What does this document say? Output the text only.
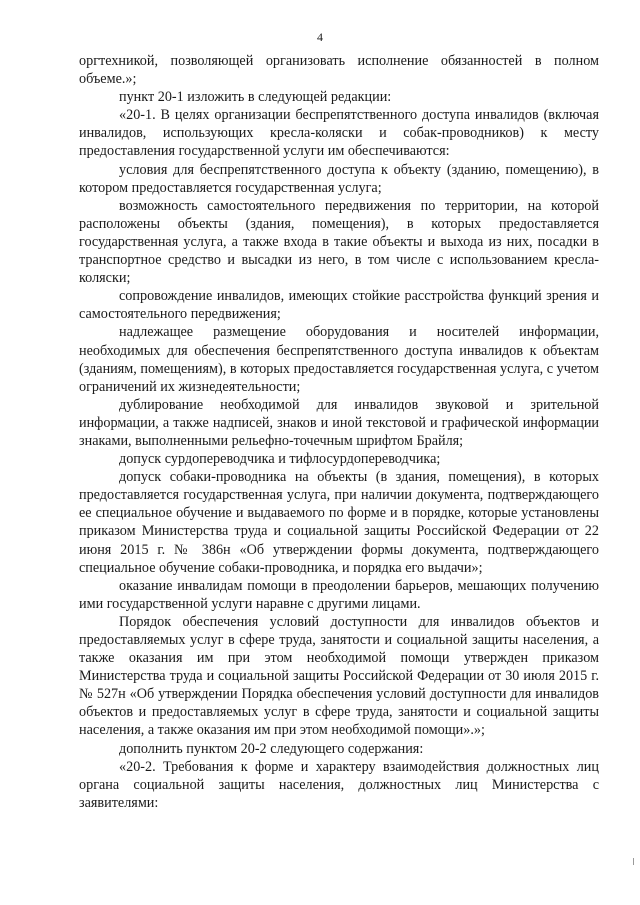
4

оргтехникой, позволяющей организовать исполнение обязанностей в полном объеме.»;

пункт 20-1 изложить в следующей редакции:

«20-1. В целях организации беспрепятственного доступа инвалидов (включая инвалидов, использующих кресла-коляски и собак-проводников) к месту предоставления государственной услуги им обеспечиваются:

условия для беспрепятственного доступа к объекту (зданию, помещению), в котором предоставляется государственная услуга;

возможность самостоятельного передвижения по территории, на которой расположены объекты (здания, помещения), в которых предоставляется государственная услуга, а также входа в такие объекты и выхода из них, посадки в транспортное средство и высадки из него, в том числе с использованием кресла-коляски;

сопровождение инвалидов, имеющих стойкие расстройства функций зрения и самостоятельного передвижения;

надлежащее размещение оборудования и носителей информации, необходимых для обеспечения беспрепятственного доступа инвалидов к объектам (зданиям, помещениям), в которых предоставляется государственная услуга, с учетом ограничений их жизнедеятельности;

дублирование необходимой для инвалидов звуковой и зрительной информации, а также надписей, знаков и иной текстовой и графической информации знаками, выполненными рельефно-точечным шрифтом Брайля;

допуск сурдопереводчика и тифлосурдопереводчика;

допуск собаки-проводника на объекты (в здания, помещения), в которых предоставляется государственная услуга, при наличии документа, подтверждающего ее специальное обучение и выдаваемого по форме и в порядке, которые установлены приказом Министерства труда и социальной защиты Российской Федерации от 22 июня 2015 г. № 386н «Об утверждении формы документа, подтверждающего специальное обучение собаки-проводника, и порядка его выдачи»;

оказание инвалидам помощи в преодолении барьеров, мешающих получению ими государственной услуги наравне с другими лицами.

Порядок обеспечения условий доступности для инвалидов объектов и предоставляемых услуг в сфере труда, занятости и социальной защиты населения, а также оказания им при этом необходимой помощи утвержден приказом Министерства труда и социальной защиты Российской Федерации от 30 июля 2015 г. № 527н «Об утверждении Порядка обеспечения условий доступности для инвалидов объектов и предоставляемых услуг в сфере труда, занятости и социальной защиты населения, а также оказания им при этом необходимой помощи».»;

дополнить пунктом 20-2 следующего содержания:

«20-2. Требования к форме и характеру взаимодействия должностных лиц органа социальной защиты населения, должностных лиц Министерства с заявителями:
